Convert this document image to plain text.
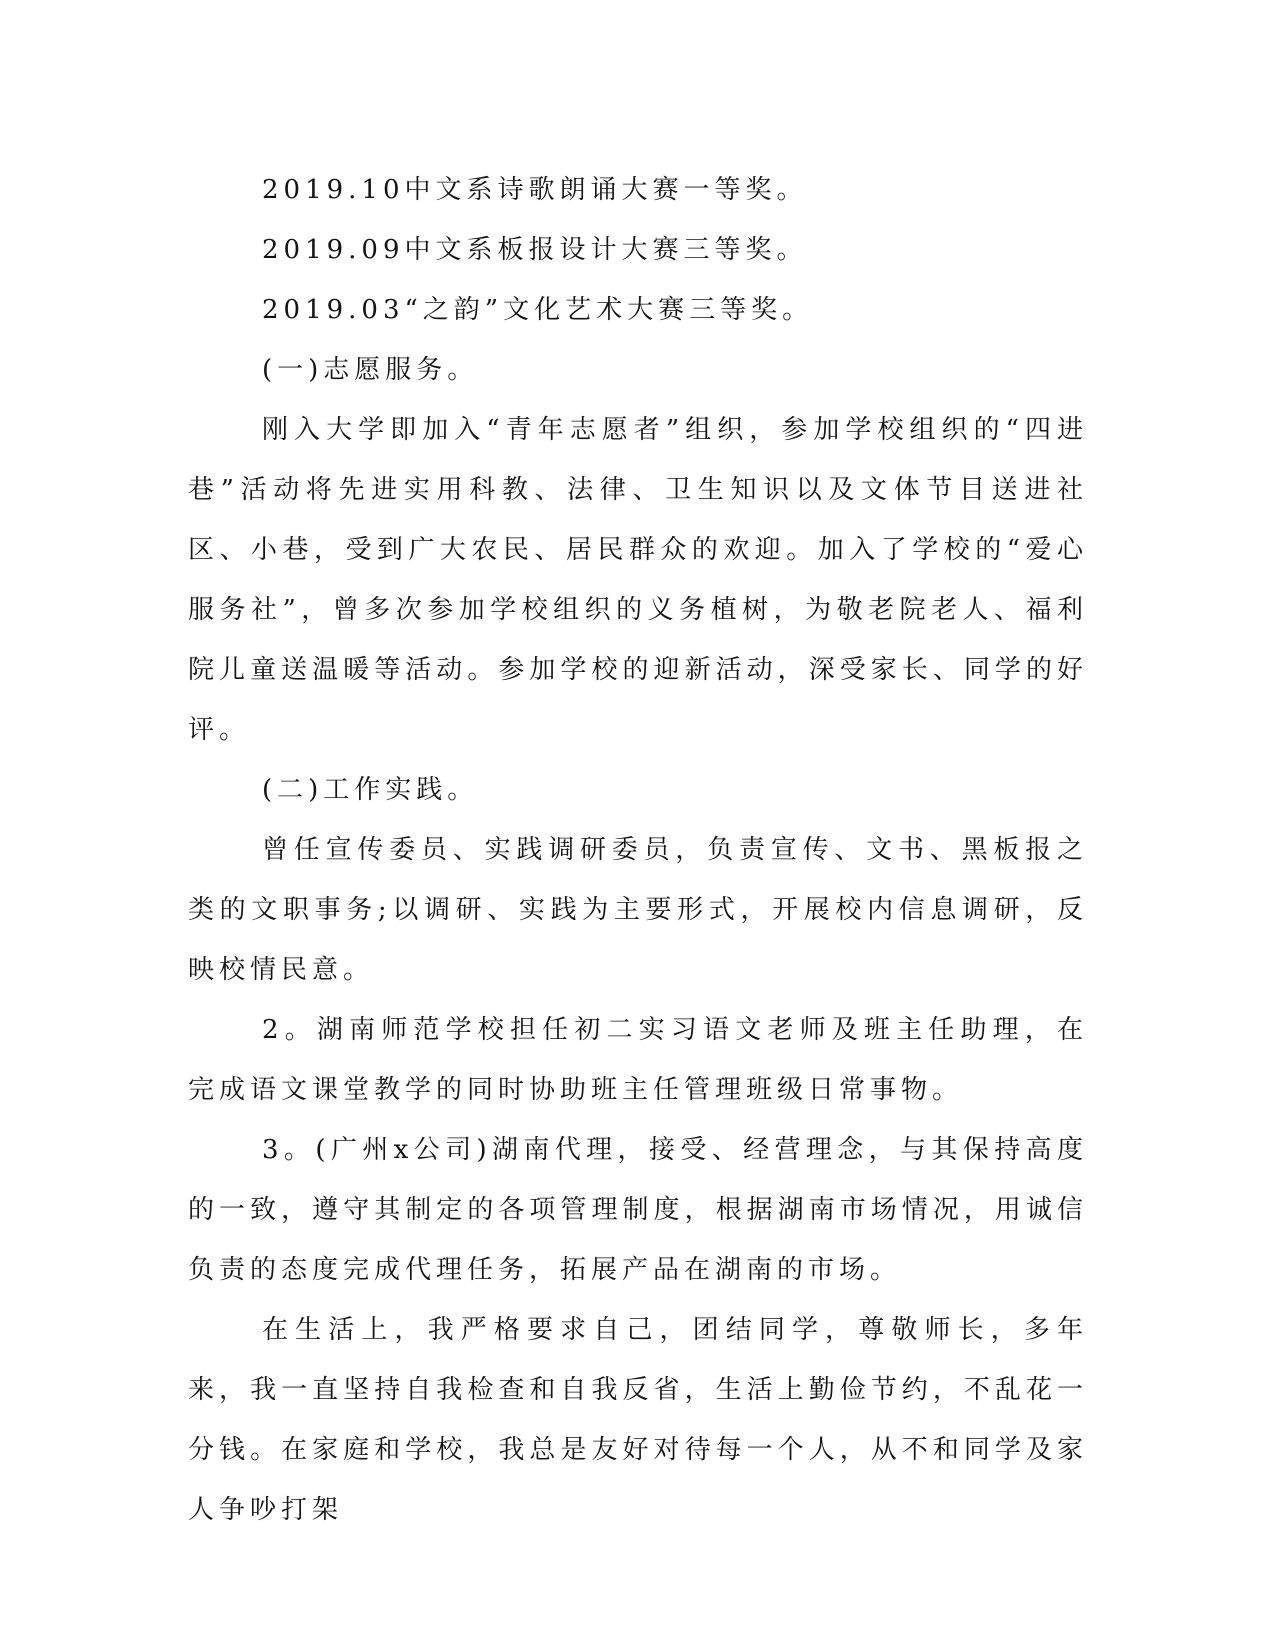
2019.10中文系诗歌朗诵大赛一等奖。

2019.09中文系板报设计大赛三等奖。

2019.03“之韵”文化艺术大赛三等奖。

(一)志愿服务。

刚入大学即加入“青年志愿者”组织，参加学校组织的“四进巷”活动将先进实用科教、法律、卫生知识以及文体节目送进社区、小巷，受到广大农民、居民群众的欢迎。加入了学校的“爱心服务社”，曾多次参加学校组织的义务植树，为敬老院老人、福利院儿童送温暖等活动。参加学校的迎新活动，深受家长、同学的好评。

(二)工作实践。

曾任宣传委员、实践调研委员，负责宣传、文书、黑板报之类的文职事务;以调研、实践为主要形式，开展校内信息调研，反映校情民意。

2。湖南师范学校担任初二实习语文老师及班主任助理，在完成语文课堂教学的同时协助班主任管理班级日常事物。

3。(广州x公司)湖南代理，接受、经营理念，与其保持高度的一致，遵守其制定的各项管理制度，根据湖南市场情况，用诚信负责的态度完成代理任务，拓展产品在湖南的市场。

在生活上，我严格要求自己，团结同学，尊敬师长，多年来，我一直坚持自我检查和自我反省，生活上勤俭节约，不乱花一分钱。在家庭和学校，我总是友好对待每一个人，从不和同学及家人争吵打架
